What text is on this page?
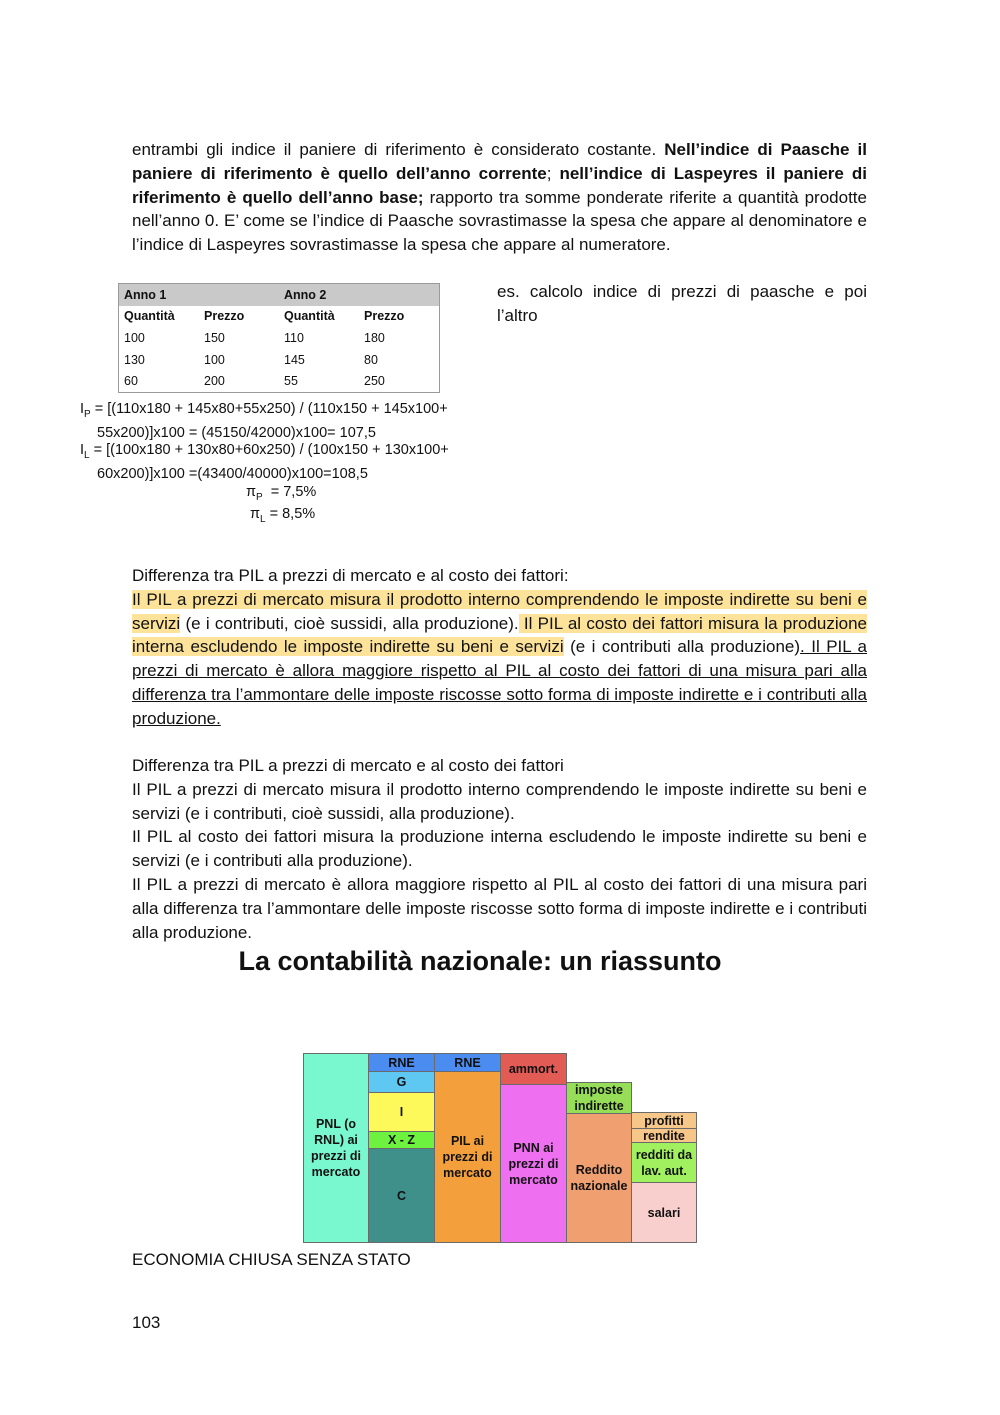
entrambi gli indice il paniere di riferimento è considerato costante. Nell’indice di Paasche il paniere di riferimento è quello dell’anno corrente; nell’indice di Laspeyres il paniere di riferimento è quello dell’anno base; rapporto tra somme ponderate riferite a quantità prodotte nell’anno 0. E’ come se l’indice di Paasche sovrastimasse la spesa che appare al denominatore e l’indice di Laspeyres sovrastimasse la spesa che appare al numeratore.

Anno 1		Anno 2	
Quantità	Prezzo	Quantità	Prezzo
100	150	110	180
130	100	145	80
60	200	55	250
es. calcolo indice di prezzi di paasche e poi l’altro
$I_P = [(110x180 + 145x80+55x250) / (110x150 + 145x100+$
55x200)]x100 = (45150/42000)x100= 107,5
$I_L = [(100x180 + 130x80+60x250) / (100x150 + 130x100+$
60x200)]x100 =(43400/40000)x100=108,5
$\pi_P = 7,5\%$
$\pi_L = 8,5\%$

Differenza tra PIL a prezzi di mercato e al costo dei fattori:
Il PIL a prezzi di mercato misura il prodotto interno comprendendo le imposte indirette su beni e servizi (e i contributi, cioè sussidi, alla produzione). Il PIL al costo dei fattori misura la produzione interna escludendo le imposte indirette su beni e servizi (e i contributi alla produzione). Il PIL a prezzi di mercato è allora maggiore rispetto al PIL al costo dei fattori di una misura pari alla differenza tra l’ammontare delle imposte riscosse sotto forma di imposte indirette e i contributi alla produzione.

Differenza tra PIL a prezzi di mercato e al costo dei fattori
Il PIL a prezzi di mercato misura il prodotto interno comprendendo le imposte indirette su beni e servizi (e i contributi, cioè sussidi, alla produzione).
Il PIL al costo dei fattori misura la produzione interna escludendo le imposte indirette su beni e servizi (e i contributi alla produzione).
Il PIL a prezzi di mercato è allora maggiore rispetto al PIL al costo dei fattori di una misura pari alla differenza tra l’ammontare delle imposte riscosse sotto forma di imposte indirette e i contributi alla produzione.
La contabilità nazionale: un riassunto
PNL (o RNL) ai prezzi di mercato
RNE
G
I
X - Z
C
RNE
PIL ai prezzi di mercato
ammort.
PNN ai prezzi di mercato
imposte indirette
Reddito nazionale
profitti
rendite
redditi da lav. aut.
salari
ECONOMIA CHIUSA SENZA STATO
103
